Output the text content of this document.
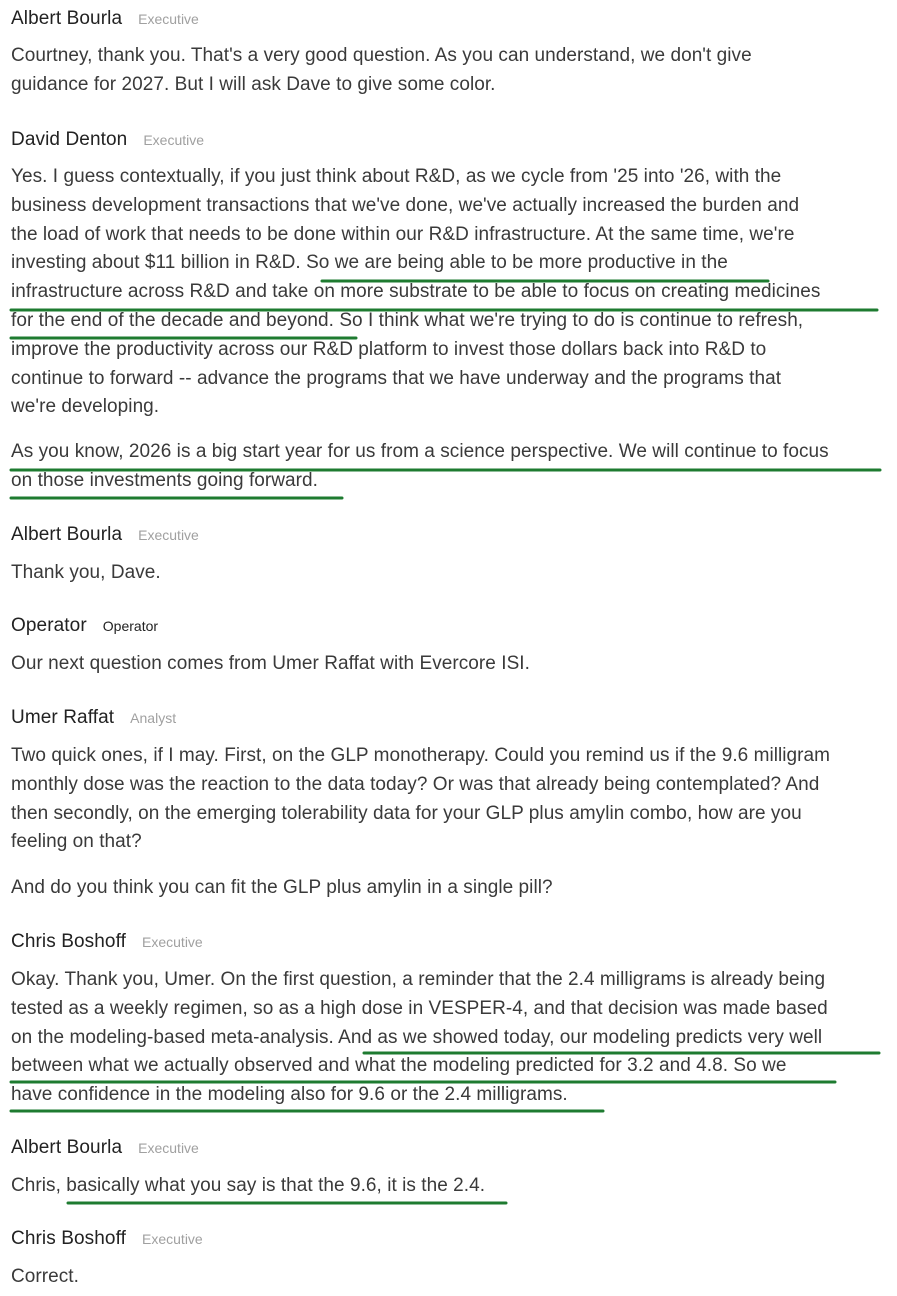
Albert Bourla Executive

Courtney, thank you. That's a very good question. As you can understand, we don't give
guidance for 2027. But I will ask Dave to give some color.

David Denton Executive

Yes. I guess contextually, if you just think about R&D, as we cycle from '25 into '26, with the
business development transactions that we've done, we've actually increased the burden and
the load of work that needs to be done within our R&D infrastructure. At the same time, we're
investing about $11 billion in R&D. So we are being able to be more productive in the
infrastructure across R&D and take on more substrate to be able to focus on creating medicines
for the end of the decade and beyond. So I think what we're trying to do is continue to refresh,
improve the productivity across our R&D platform to invest those dollars back into R&D to
continue to forward -- advance the programs that we have underway and the programs that
we're developing.

As you know, 2026 is a big start year for us from a science perspective. We will continue to focus
on those investments going forward.

Albert Bourla Executive

Thank you, Dave.

Operator Operator

Our next question comes from Umer Raffat with Evercore ISI.

Umer Raffat Analyst

Two quick ones, if I may. First, on the GLP monotherapy. Could you remind us if the 9.6 milligram
monthly dose was the reaction to the data today? Or was that already being contemplated? And
then secondly, on the emerging tolerability data for your GLP plus amylin combo, how are you
feeling on that?

And do you think you can fit the GLP plus amylin in a single pill?

Chris Boshoff Executive

Okay. Thank you, Umer. On the first question, a reminder that the 2.4 milligrams is already being
tested as a weekly regimen, so as a high dose in VESPER-4, and that decision was made based
on the modeling-based meta-analysis. And as we showed today, our modeling predicts very well
between what we actually observed and what the modeling predicted for 3.2 and 4.8. So we
have confidence in the modeling also for 9.6 or the 2.4 milligrams.

Albert Bourla Executive

Chris, basically what you say is that the 9.6, it is the 2.4.

Chris Boshoff Executive

Correct.
